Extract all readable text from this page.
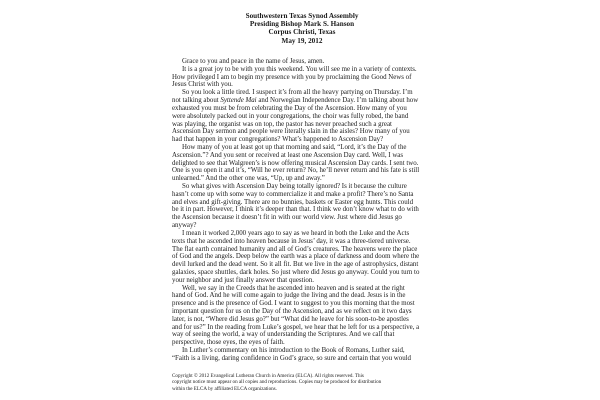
Southwestern Texas Synod Assembly
Presiding Bishop Mark S. Hanson
Corpus Christi, Texas
May 19, 2012
Grace to you and peace in the name of Jesus, amen.
It is a great joy to be with you this weekend. You will see me in a variety of contexts.
How privileged I am to begin my presence with you by proclaiming the Good News of
Jesus Christ with you.
So you look a little tired. I suspect it’s from all the heavy partying on Thursday. I’m
not talking about Syttende Mai and Norwegian Independence Day. I’m talking about how
exhausted you must be from celebrating the Day of the Ascension. How many of you
were absolutely packed out in your congregations, the choir was fully robed, the band
was playing, the organist was on top, the pastor has never preached such a great
Ascension Day sermon and people were literally slain in the aisles? How many of you
had that happen in your congregations? What’s happened to Ascension Day?
How many of you at least got up that morning and said, “Lord, it’s the Day of the
Ascension.”? And you sent or received at least one Ascension Day card. Well, I was
delighted to see that Walgreen’s is now offering musical Ascension Day cards. I sent two.
One is you open it and it’s, “Will he ever return? No, he’ll never return and his fate is still
unlearned.” And the other one was, “Up, up and away.”
So what gives with Ascension Day being totally ignored? Is it because the culture
hasn’t come up with some way to commercialize it and make a profit? There’s no Santa
and elves and gift-giving. There are no bunnies, baskets or Easter egg hunts. This could
be it in part. However, I think it’s deeper than that. I think we don’t know what to do with
the Ascension because it doesn’t fit in with our world view. Just where did Jesus go
anyway?
I mean it worked 2,000 years ago to say as we heard in both the Luke and the Acts
texts that he ascended into heaven because in Jesus’ day, it was a three-tiered universe.
The flat earth contained humanity and all of God’s creatures. The heavens were the place
of God and the angels. Deep below the earth was a place of darkness and doom where the
devil lurked and the dead went. So it all fit. But we live in the age of astrophysics, distant
galaxies, space shuttles, dark holes. So just where did Jesus go anyway. Could you turn to
your neighbor and just finally answer that question.
Well, we say in the Creeds that he ascended into heaven and is seated at the right
hand of God. And he will come again to judge the living and the dead. Jesus is in the
presence and is the presence of God. I want to suggest to you this morning that the most
important question for us on the Day of the Ascension, and as we reflect on it two days
later, is not, “Where did Jesus go?” but “What did he leave for his soon-to-be apostles
and for us?” In the reading from Luke’s gospel, we hear that he left for us a perspective, a
way of seeing the world, a way of understanding the Scriptures. And we call that
perspective, those eyes, the eyes of faith.
In Luther’s commentary on his introduction to the Book of Romans, Luther said,
“Faith is a living, daring confidence in God’s grace, so sure and certain that you would
Copyright © 2012 Evangelical Lutheran Church in America (ELCA). All rights reserved. This
copyright notice must appear on all copies and reproductions. Copies may be produced for distribution
within the ELCA by affiliated ELCA organizations.
